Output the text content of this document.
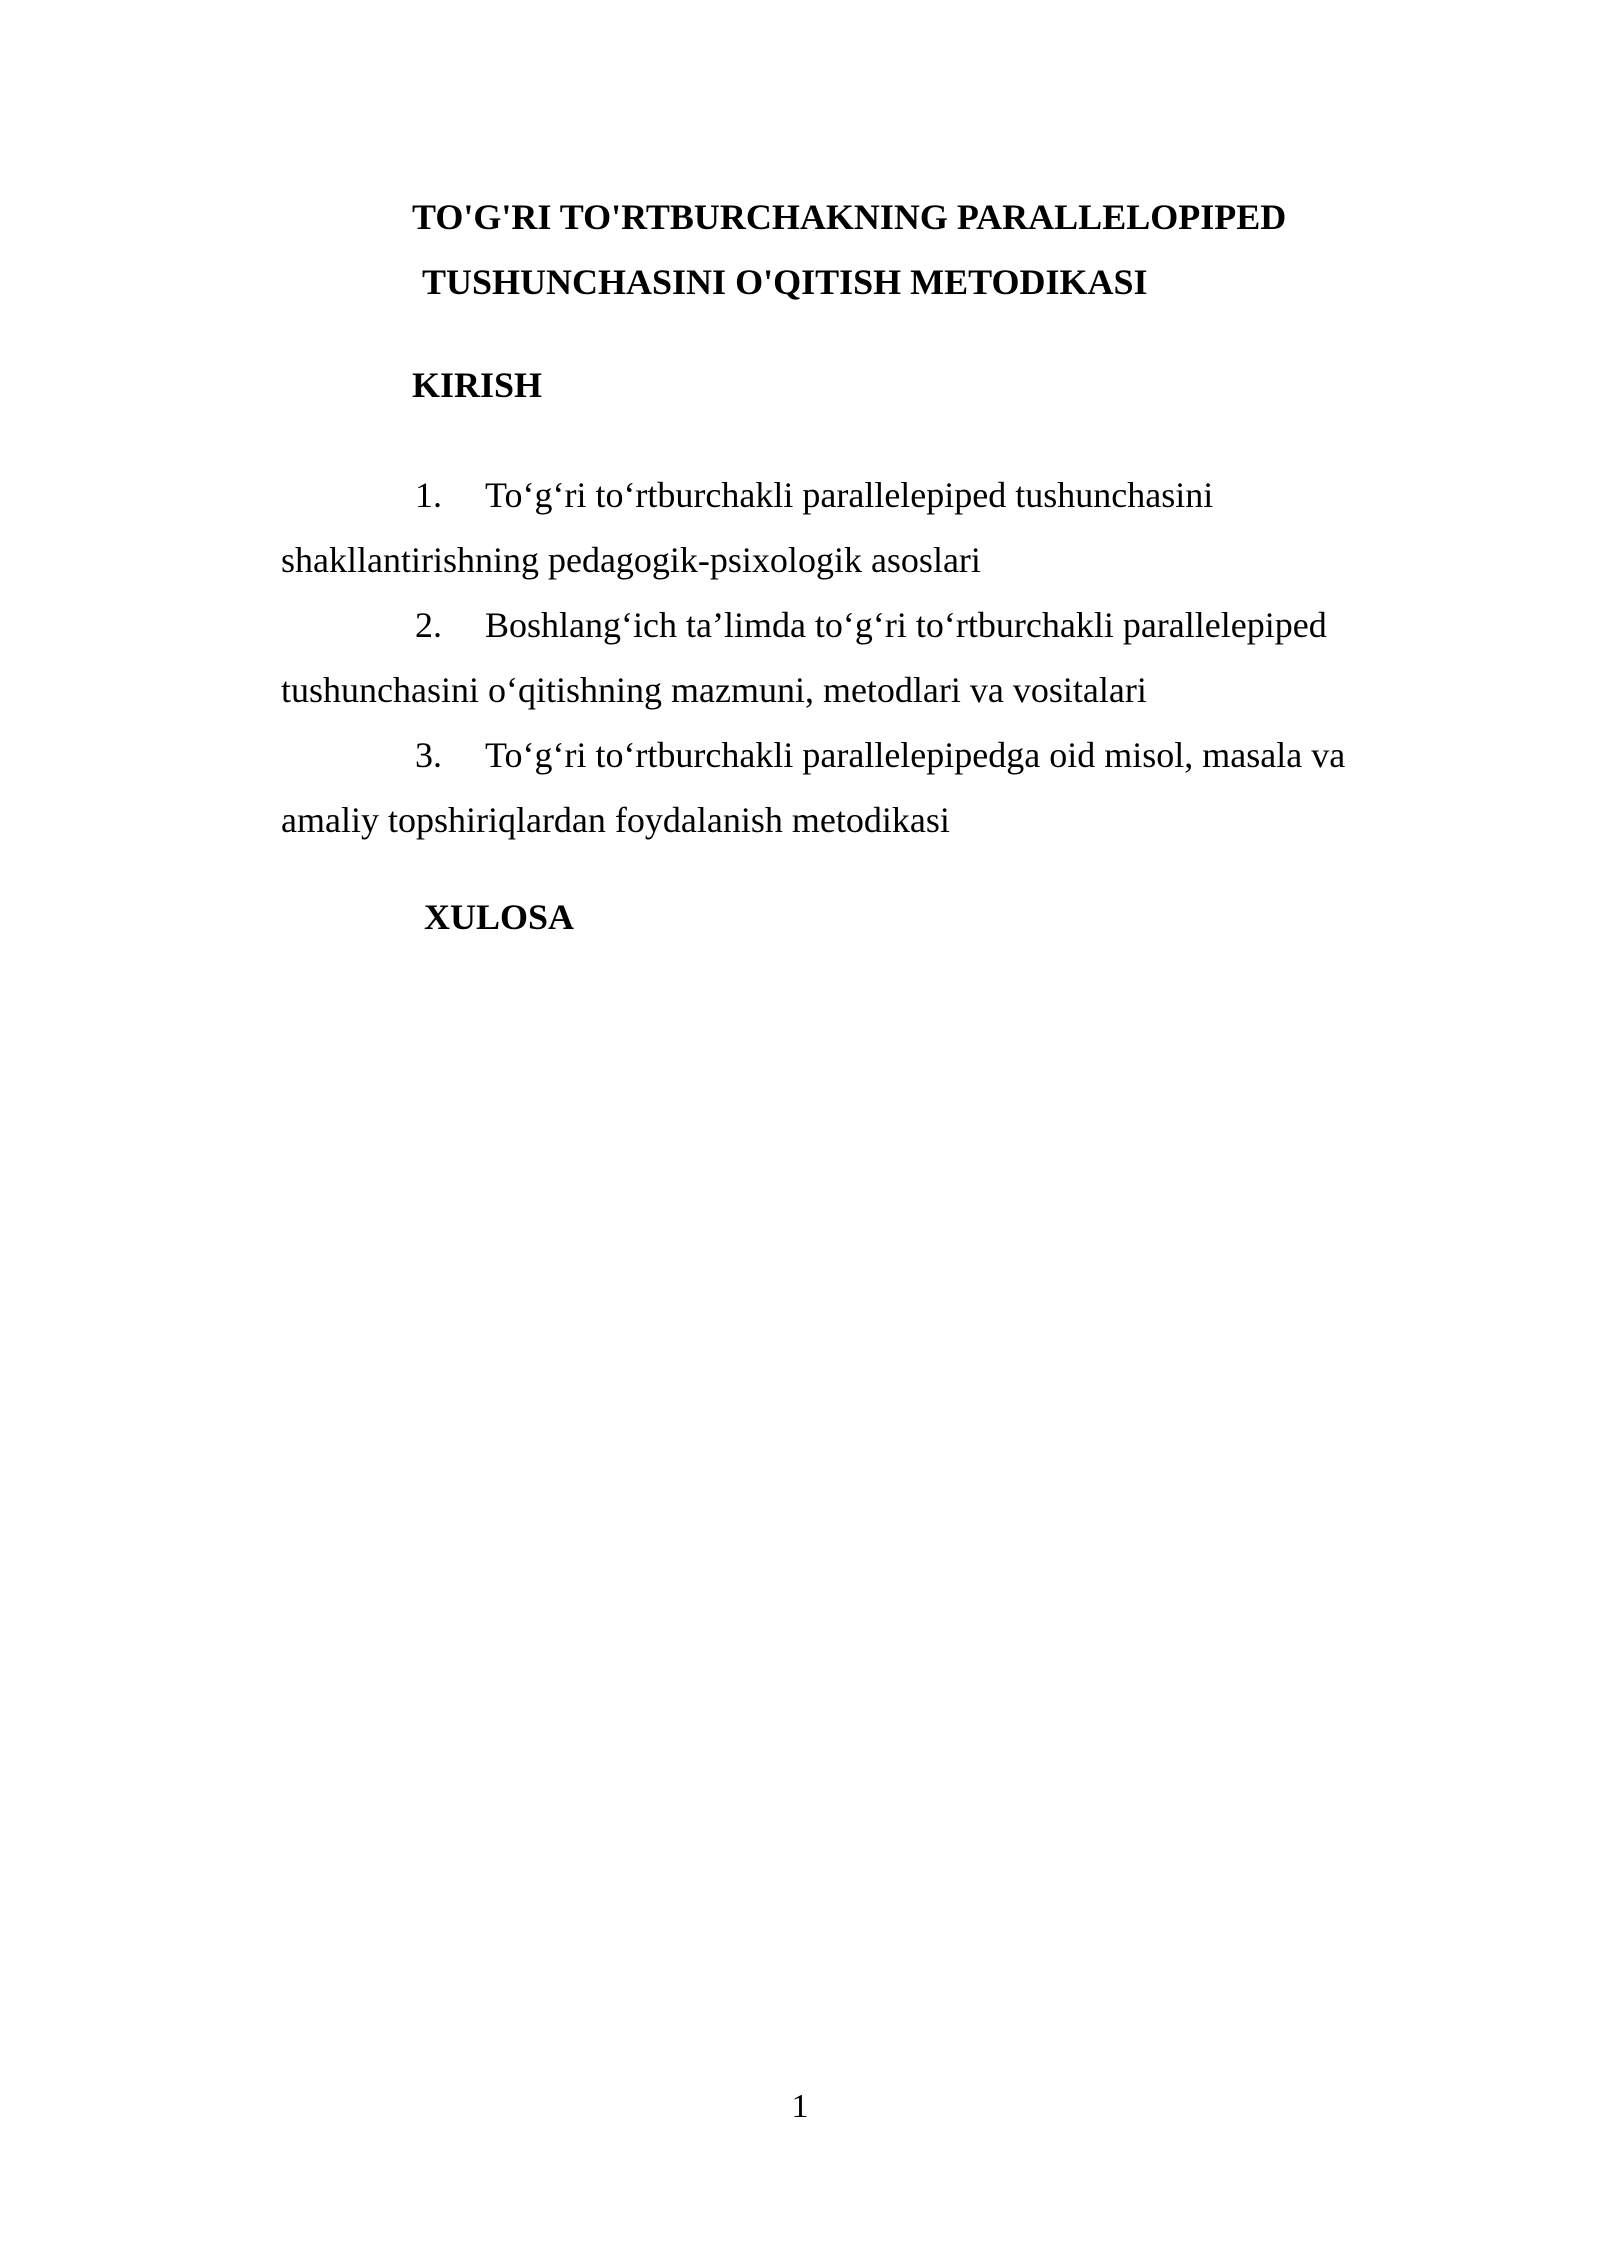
TO'G'RI TO'RTBURCHAKNING PARALLELOPIPED
TUSHUNCHASINI O'QITISH METODIKASI
KIRISH
1. To‘g‘ri to‘rtburchakli parallelepiped tushunchasini
shakllantirishning pedagogik-psixologik asoslari
2. Boshlang‘ich ta’limda to‘g‘ri to‘rtburchakli parallelepiped
tushunchasini o‘qitishning mazmuni, metodlari va vositalari
3. To‘g‘ri to‘rtburchakli parallelepipedga oid misol, masala va
amaliy topshiriqlardan foydalanish metodikasi
XULOSA
1
